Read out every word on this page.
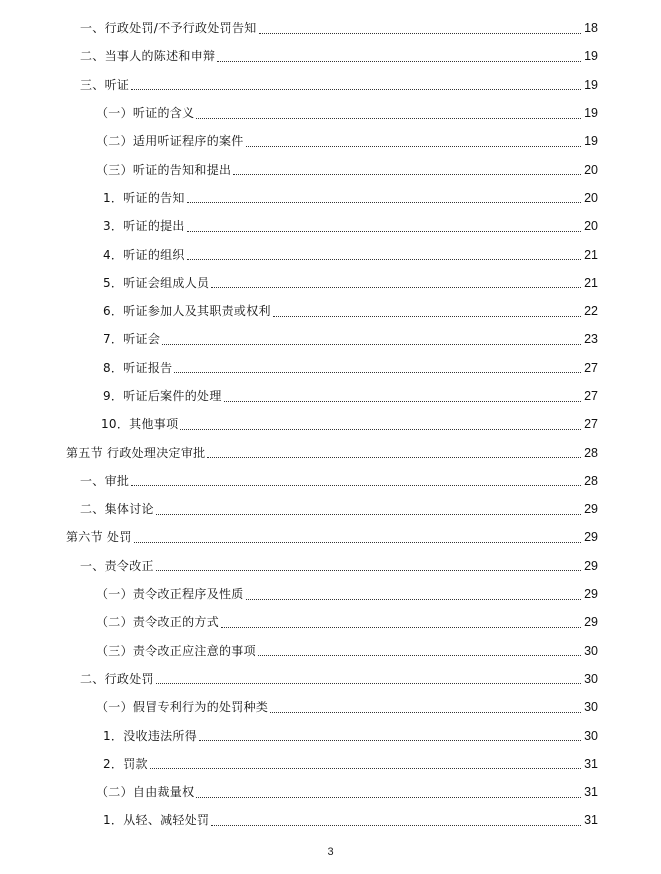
一、行政处罚/不予行政处罚告知	18
二、当事人的陈述和申辩	19
三、听证	19
（一）听证的含义	19
（二）适用听证程序的案件	19
（三）听证的告知和提出	20
1．听证的告知	20
3．听证的提出	20
4．听证的组织	21
5．听证会组成人员	21
6．听证参加人及其职责或权利	22
7．听证会	23
8．听证报告	27
9．听证后案件的处理	27
10．其他事项	27
第五节 行政处理决定审批	28
一、审批	28
二、集体讨论	29
第六节 处罚	29
一、责令改正	29
（一）责令改正程序及性质	29
（二）责令改正的方式	29
（三）责令改正应注意的事项	30
二、行政处罚	30
（一）假冒专利行为的处罚种类	30
1．没收违法所得	30
2．罚款	31
（二）自由裁量权	31
1．从轻、减轻处罚	31
3
